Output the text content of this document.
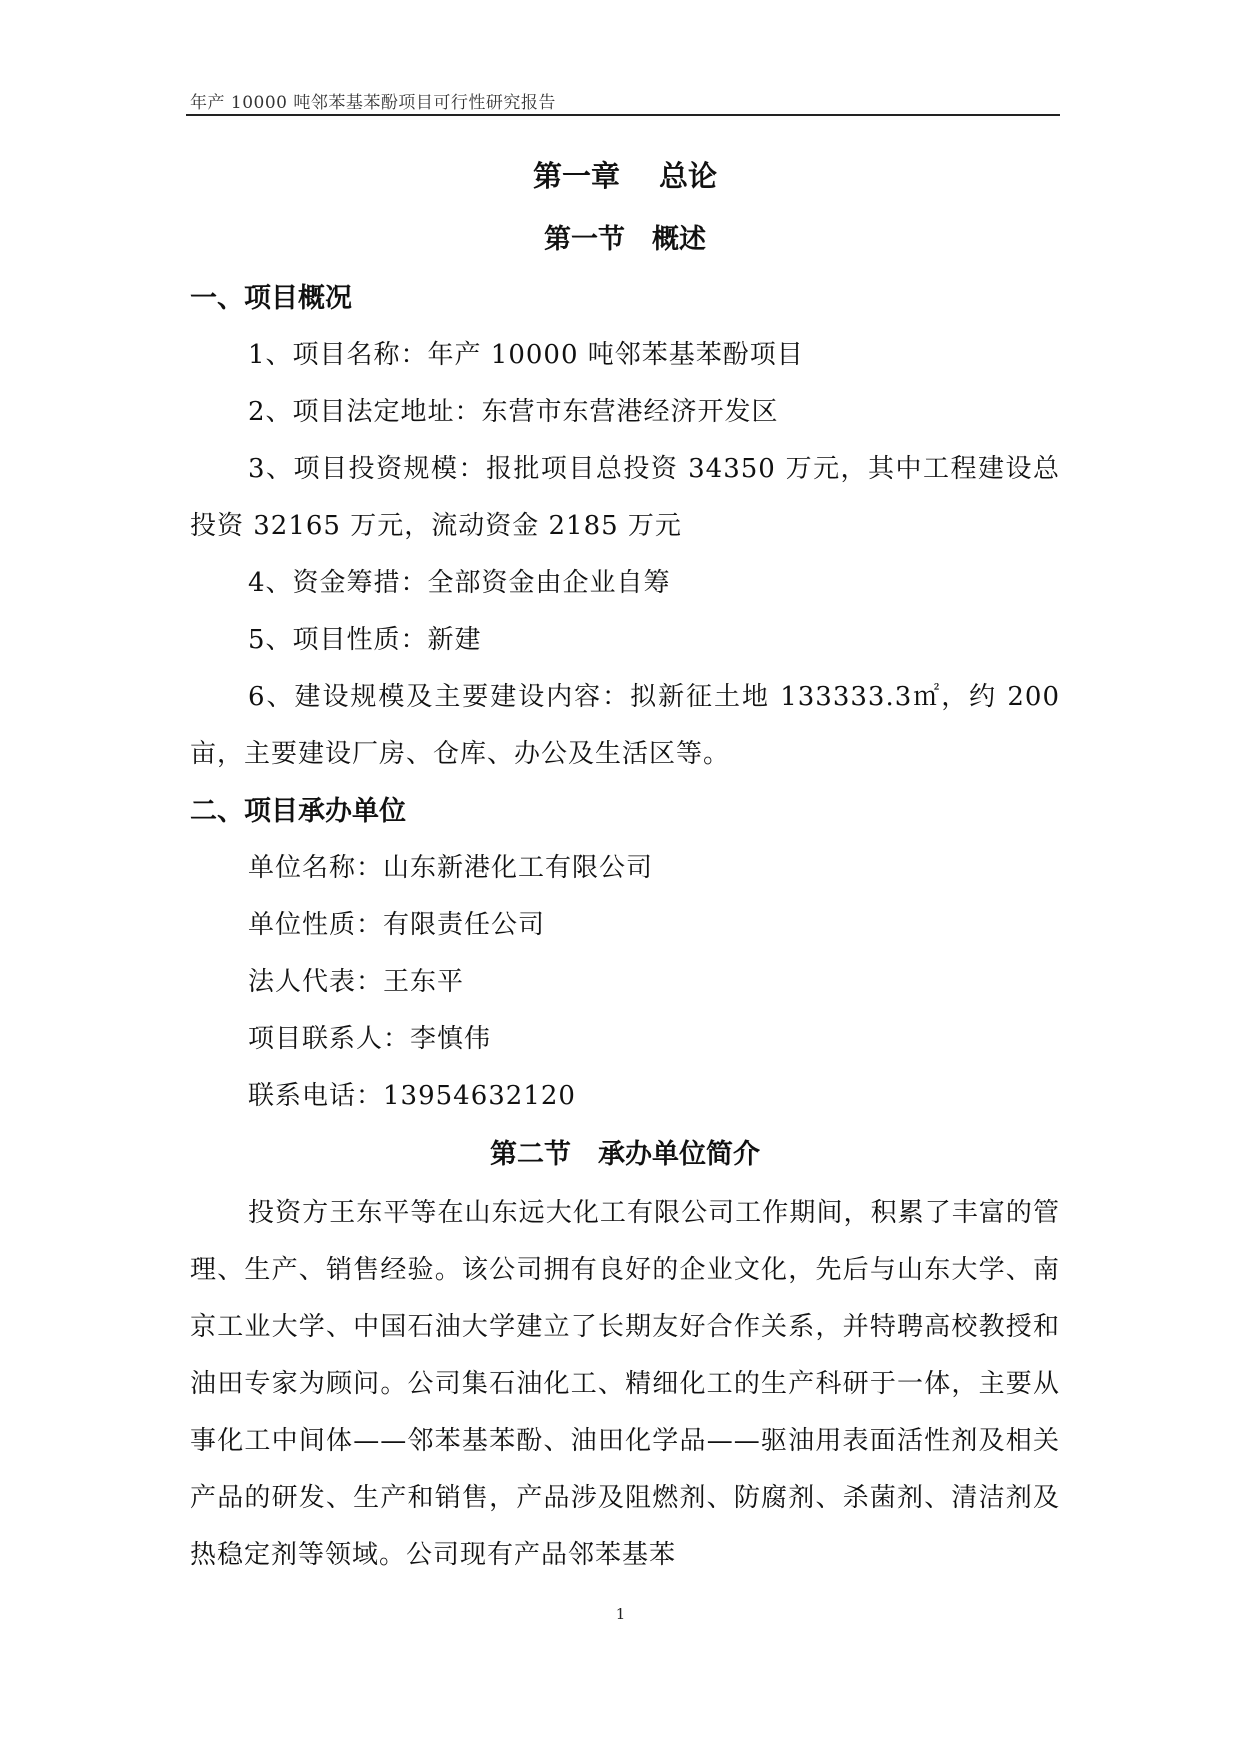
年产 10000 吨邻苯基苯酚项目可行性研究报告
第一章　 总论
第一节　概述
一、项目概况

1、项目名称：年产 10000 吨邻苯基苯酚项目

2、项目法定地址：东营市东营港经济开发区

3、项目投资规模：报批项目总投资 34350 万元，其中工程建设总投资 32165 万元，流动资金 2185 万元

4、资金筹措：全部资金由企业自筹

5、项目性质：新建

6、建设规模及主要建设内容：拟新征土地 133333.3㎡，约 200 亩，主要建设厂房、仓库、办公及生活区等。

二、项目承办单位

单位名称：山东新港化工有限公司

单位性质：有限责任公司

法人代表：王东平

项目联系人：李慎伟

联系电话：13954632120

第二节　承办单位简介

投资方王东平等在山东远大化工有限公司工作期间，积累了丰富的管理、生产、销售经验。该公司拥有良好的企业文化，先后与山东大学、南京工业大学、中国石油大学建立了长期友好合作关系，并特聘高校教授和油田专家为顾问。公司集石油化工、精细化工的生产科研于一体，主要从事化工中间体——邻苯基苯酚、油田化学品——驱油用表面活性剂及相关产品的研发、生产和销售，产品涉及阻燃剂、防腐剂、杀菌剂、清洁剂及热稳定剂等领域。公司现有产品邻苯基苯

1
